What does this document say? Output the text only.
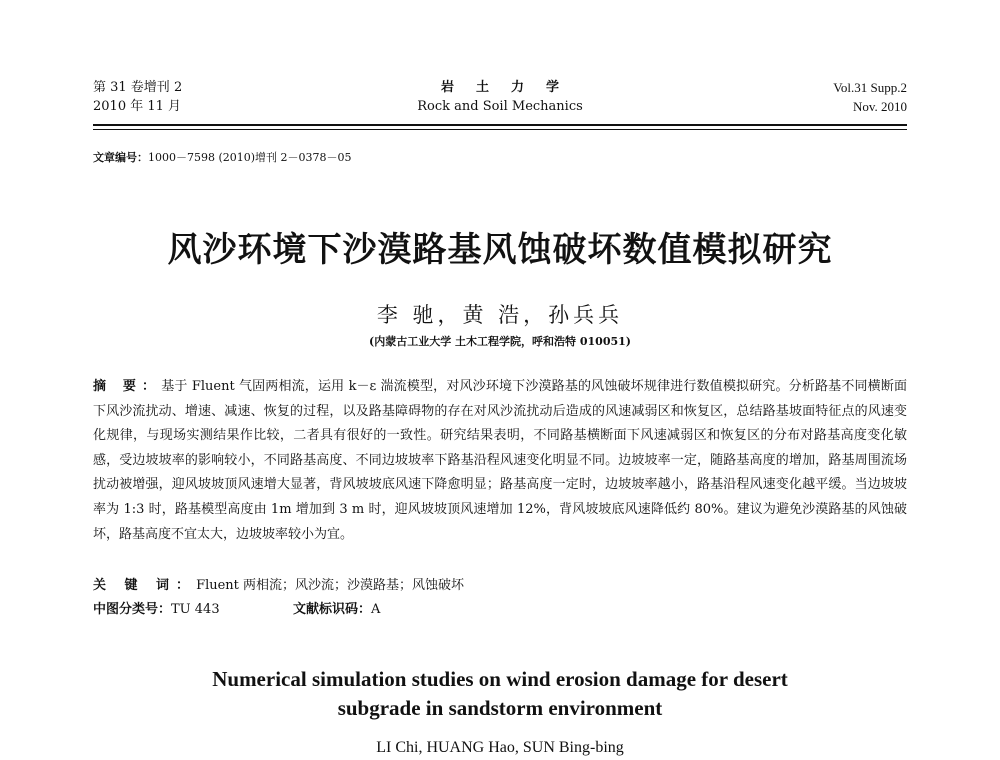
第 31 卷增刊 2
2010 年 11 月
岩土力学
Rock and Soil Mechanics
Vol.31 Supp.2
Nov. 2010
文章编号：1000－7598 (2010)增刊 2－0378－05
风沙环境下沙漠路基风蚀破坏数值模拟研究
李 驰，黄 浩，孙兵兵
(内蒙古工业大学 土木工程学院，呼和浩特 010051)
摘 要：基于 Fluent 气固两相流，运用 k－ε 湍流模型，对风沙环境下沙漠路基的风蚀破坏规律进行数值模拟研究。分析路基不同横断面下风沙流扰动、增速、减速、恢复的过程，以及路基障碍物的存在对风沙流扰动后造成的风速减弱区和恢复区，总结路基坡面特征点的风速变化规律，与现场实测结果作比较，二者具有很好的一致性。研究结果表明，不同路基横断面下风速减弱区和恢复区的分布对路基高度变化敏感，受边坡坡率的影响较小，不同路基高度、不同边坡坡率下路基沿程风速变化明显不同。边坡坡率一定，随路基高度的增加，路基周围流场扰动被增强，迎风坡坡顶风速增大显著，背风坡坡底风速下降愈明显；路基高度一定时，边坡坡率越小，路基沿程风速变化越平缓。当边坡坡率为 1:3 时，路基模型高度由 1m 增加到 3 m 时，迎风坡坡顶风速增加 12%，背风坡坡底风速降低约 80%。建议为避免沙漠路基的风蚀破坏，路基高度不宜太大，边坡坡率较小为宜。
关 键 词：Fluent 两相流；风沙流；沙漠路基；风蚀破坏
中图分类号：TU 443	文献标识码：A
Numerical simulation studies on wind erosion damage for desert
subgrade in sandstorm environment
LI Chi, HUANG Hao, SUN Bing-bing
